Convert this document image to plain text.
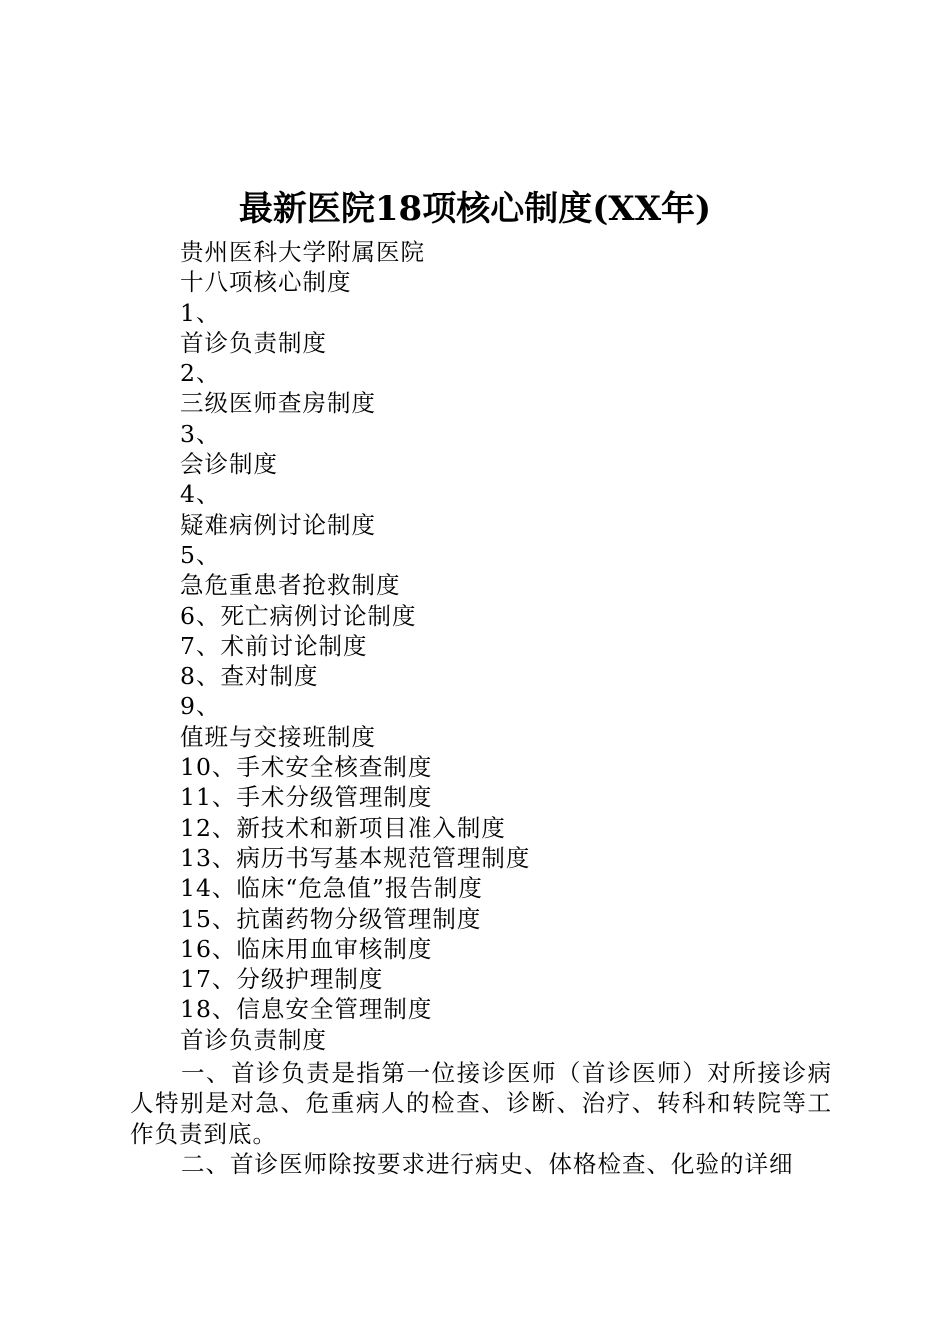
最新医院18项核心制度(XX年)
贵州医科大学附属医院
十八项核心制度
1、
首诊负责制度
2、
三级医师查房制度
3、
会诊制度
4、
疑难病例讨论制度
5、
急危重患者抢救制度
6、死亡病例讨论制度
7、术前讨论制度
8、查对制度
9、
值班与交接班制度
10、手术安全核查制度
11、手术分级管理制度
12、新技术和新项目准入制度
13、病历书写基本规范管理制度
14、临床“危急值”报告制度
15、抗菌药物分级管理制度
16、临床用血审核制度
17、分级护理制度
18、信息安全管理制度
首诊负责制度

一、首诊负责是指第一位接诊医师（首诊医师）对所接诊病人特别是对急、危重病人的检查、诊断、治疗、转科和转院等工作负责到底。

二、首诊医师除按要求进行病史、体格检查、化验的详细
